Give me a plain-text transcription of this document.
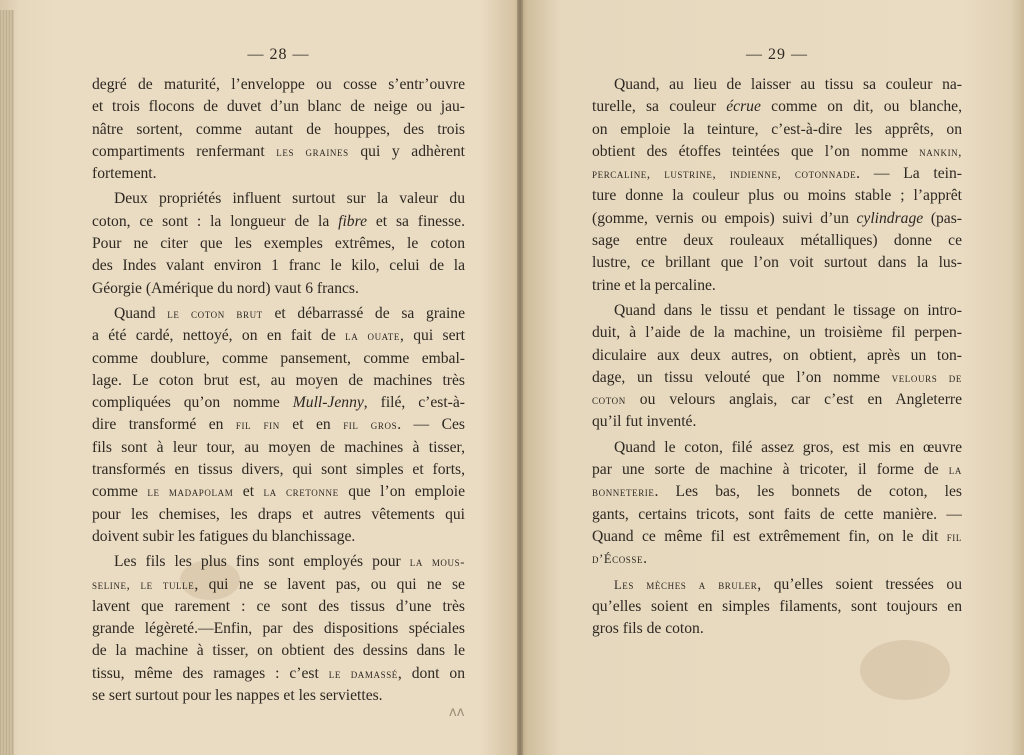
— 28 —
degré de maturité, l’enveloppe ou cosse s’entr’ouvre
et trois flocons de duvet d’un blanc de neige ou jau-
nâtre sortent, comme autant de houppes, des trois
compartiments renfermant les graines qui y adhèrent
fortement.
Deux propriétés influent surtout sur la valeur du
coton, ce sont : la longueur de la fibre et sa finesse.
Pour ne citer que les exemples extrêmes, le coton
des Indes valant environ 1 franc le kilo, celui de la
Géorgie (Amérique du nord) vaut 6 francs.
Quand le coton brut et débarrassé de sa graine
a été cardé, nettoyé, on en fait de la ouate, qui sert
comme doublure, comme pansement, comme embal-
lage. Le coton brut est, au moyen de machines très
compliquées qu’on nomme Mull-Jenny, filé, c’est-à-
dire transformé en fil fin et en fil gros. — Ces
fils sont à leur tour, au moyen de machines à tisser,
transformés en tissus divers, qui sont simples et forts,
comme le madapolam et la cretonne que l’on emploie
pour les chemises, les draps et autres vêtements qui
doivent subir les fatigues du blanchissage.
Les fils les plus fins sont employés pour la mous-
seline, le tulle, qui ne se lavent pas, ou qui ne se
lavent que rarement : ce sont des tissus d’une très
grande légèreté.—Enfin, par des dispositions spéciales
de la machine à tisser, on obtient des dessins dans le
tissu, même des ramages : c’est le damassé, dont on
se sert surtout pour les nappes et les serviettes.
— 29 —
Quand, au lieu de laisser au tissu sa couleur na-
turelle, sa couleur écrue comme on dit, ou blanche,
on emploie la teinture, c’est-à-dire les apprêts, on
obtient des étoffes teintées que l’on nomme nankin,
percaline, lustrine, indienne, cotonnade. — La tein-
ture donne la couleur plus ou moins stable ; l’apprêt
(gomme, vernis ou empois) suivi d’un cylindrage (pas-
sage entre deux rouleaux métalliques) donne ce
lustre, ce brillant que l’on voit surtout dans la lus-
trine et la percaline.
Quand dans le tissu et pendant le tissage on intro-
duit, à l’aide de la machine, un troisième fil perpen-
diculaire aux deux autres, on obtient, après un ton-
dage, un tissu velouté que l’on nomme velours de
coton ou velours anglais, car c’est en Angleterre
qu’il fut inventé.
Quand le coton, filé assez gros, est mis en œuvre
par une sorte de machine à tricoter, il forme de la
bonneterie. Les bas, les bonnets de coton, les
gants, certains tricots, sont faits de cette manière. —
Quand ce même fil est extrêmement fin, on le dit fil
d’Écosse.
Les mèches a bruler, qu’elles soient tressées ou
qu’elles soient en simples filaments, sont toujours en
gros fils de coton.
ʌʌ
